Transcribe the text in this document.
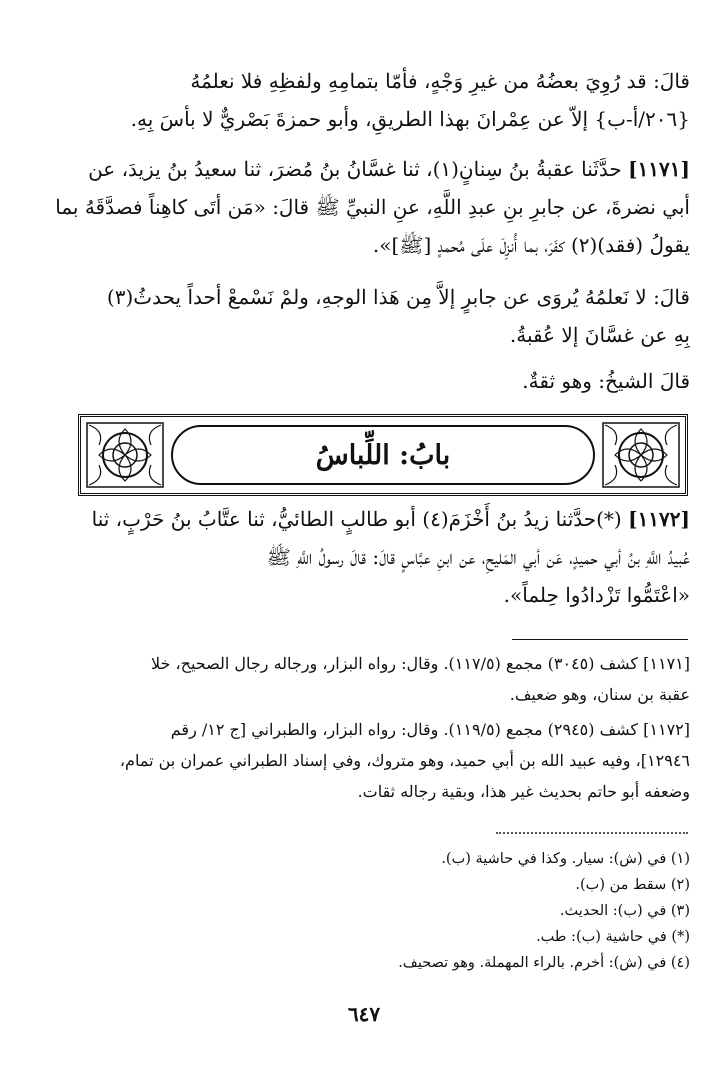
قالَ: قد رُوِيَ بعضُهُ من غيرِ وَجْهٍ، فأمّا بتمامِهِ ولفظِهِ فلا نعلمُهُ
{٢٠٦/أ-ب} إلاّ عن عِمْرانَ بهذا الطريقِ، وأبو حمزةَ بَصْريٌّ لا بأسَ بِهِ.
[١١٧١] حدَّثَنا عقبةُ بنُ سِنانٍ(١)، ثنا غسَّانُ بنُ مُضرَ، ثنا سعيدُ بنُ يزيدَ، عن
أبي نضرةَ، عن جابرِ بنِ عبدِ اللَّهِ، عنِ النبيِّ ﷺ قالَ: «مَن أتَى كاهِناً فصدَّقَهُ بما
يقولُ (فقد)(٢) كفَرَ، بما أُنزِلَ علَى مُحمدٍ [ﷺ]».
قالَ: لا نَعلمُهُ يُروَى عن جابرٍ إلاَّ مِن هَذا الوجهِ، ولمْ نَسْمعْ أحداً يحدثُ(٣)
بِهِ عن غسَّانَ إلا عُقبةُ.
قالَ الشيخُ: وهو ثقةٌ.
بابُ: اللِّباسُ
[١١٧٢] (*)حدَّثنا زيدُ بنُ أَخْزَمَ(٤) أبو طالبٍ الطائيُّ، ثنا عتَّابُ بنُ حَرْبٍ، ثنا
عُبيدُ اللَّهِ بنُ أبي حميدٍ، عَن أبي المَليحِ، عن ابنِ عبَّاسٍ قالَ: قالَ رسولُ اللَّهِ ﷺ
«اعْتَمُّوا تَزْدادُوا حِلماً».
[١١٧١] كشف (٣٠٤٥) مجمع (١١٧/٥). وقال: رواه البزار، ورجاله رجال الصحيح، خلا
عقبة بن سنان، وهو ضعيف.
[١١٧٢] كشف (٢٩٤٥) مجمع (١١٩/٥). وقال: رواه البزار، والطبراني [ج ١٢/ رقم
١٢٩٤٦]، وفيه عبيد الله بن أبي حميد، وهو متروك، وفي إسناد الطبراني عمران بن تمام،
وضعفه أبو حاتم بحديث غير هذا، وبقية رجاله ثقات.
(١) في (ش): سيار. وكذا في حاشية (ب).
(٢) سقط من (ب).
(٣) في (ب): الحديث.
(*) في حاشية (ب): طب.
(٤) في (ش): أخرم. بالراء المهملة. وهو تصحيف.
٦٤٧
